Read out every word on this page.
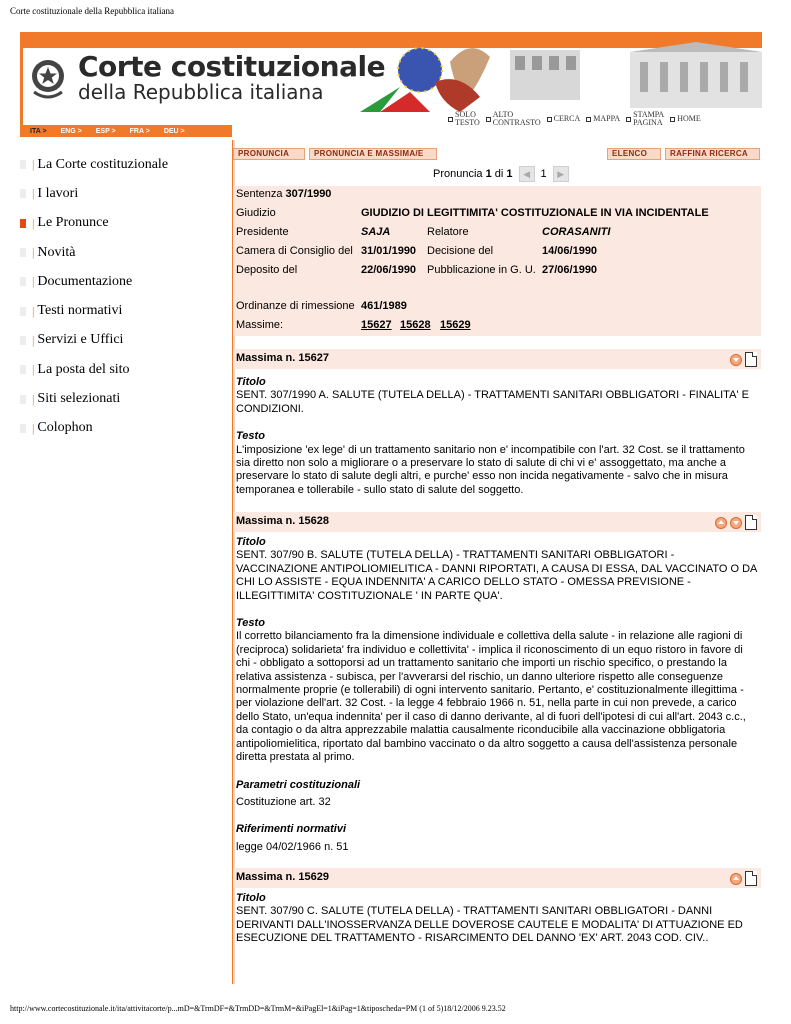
Corte costituzionale della Repubblica italiana
Corte costituzionale
della Repubblica italiana
SOLO
TESTO
ALTO
CONTRASTO CERCA MAPPA STAMPA
PAGINA HOME
ITA >	ENG >	ESP >	FRA >	DEU >
| La Corte costituzionale
| I lavori
| Le Pronunce
| Novità
| Documentazione
| Testi normativi
| Servizi e Uffici
| La posta del sito
| Siti selezionati
| Colophon
PRONUNCIA	PRONUNCIA E MASSIMA/E	ELENCO	RAFFINA RICERCA
Pronuncia 1 di 1	◀ 1	▶
Sentenza 307/1990
Giudizio	GIUDIZIO DI LEGITTIMITA' COSTITUZIONALE IN VIA INCIDENTALE
Presidente	SAJA	Relatore	CORASANITI
Camera di Consiglio del 31/01/1990 Decisione del	14/06/1990
Deposito del	22/06/1990 Pubblicazione in G. U. 27/06/1990
Ordinanze di rimessione 461/1989
Massime:	15627 15628 15629
Massima n. 15627
Titolo
SENT. 307/1990 A. SALUTE (TUTELA DELLA) - TRATTAMENTI SANITARI OBBLIGATORI - FINALITA' E CONDIZIONI.
Testo
L'imposizione 'ex lege' di un trattamento sanitario non e' incompatibile con l'art. 32 Cost. se il trattamento sia diretto non solo a migliorare o a preservare lo stato di salute di chi vi e' assoggettato, ma anche a preservare lo stato di salute degli altri, e purche' esso non incida negativamente - salvo che in misura temporanea e tollerabile - sullo stato di salute del soggetto.
Massima n. 15628
Titolo
SENT. 307/90 B. SALUTE (TUTELA DELLA) - TRATTAMENTI SANITARI OBBLIGATORI - VACCINAZIONE ANTIPOLIOMIELITICA - DANNI RIPORTATI, A CAUSA DI ESSA, DAL VACCINATO O DA CHI LO ASSISTE - EQUA INDENNITA' A CARICO DELLO STATO - OMESSA PREVISIONE - ILLEGITTIMITA' COSTITUZIONALE ' IN PARTE QUA'.
Testo
Il corretto bilanciamento fra la dimensione individuale e collettiva della salute - in relazione alle ragioni di (reciproca) solidarieta' fra individuo e collettivita' - implica il riconoscimento di un equo ristoro in favore di chi - obbligato a sottoporsi ad un trattamento sanitario che importi un rischio specifico, o prestando la relativa assistenza - subisca, per l'avverarsi del rischio, un danno ulteriore rispetto alle conseguenze normalmente proprie (e tollerabili) di ogni intervento sanitario. Pertanto, e' costituzionalmente illegittima - per violazione dell'art. 32 Cost. - la legge 4 febbraio 1966 n. 51, nella parte in cui non prevede, a carico dello Stato, un'equa indennita' per il caso di danno derivante, al di fuori dell'ipotesi di cui all'art. 2043 c.c., da contagio o da altra apprezzabile malattia causalmente riconducibile alla vaccinazione obbligatoria antipoliomielitica, riportato dal bambino vaccinato o da altro soggetto a causa dell'assistenza personale diretta prestata al primo.
Parametri costituzionali
Costituzione art. 32
Riferimenti normativi
legge 04/02/1966 n. 51
Massima n. 15629
Titolo
SENT. 307/90 C. SALUTE (TUTELA DELLA) - TRATTAMENTI SANITARI OBBLIGATORI - DANNI DERIVANTI DALL'INOSSERVANZA DELLE DOVEROSE CAUTELE E MODALITA' DI ATTUAZIONE ED ESECUZIONE DEL TRATTAMENTO - RISARCIMENTO DEL DANNO 'EX' ART. 2043 COD. CIV..
http://www.cortecostituzionale.it/ita/attivitacorte/p...mD=&TrmDF=&TrmDD=&TrmM=&iPagEl=1&iPag=1&tiposcheda=PM (1 of 5)18/12/2006 9.23.52
